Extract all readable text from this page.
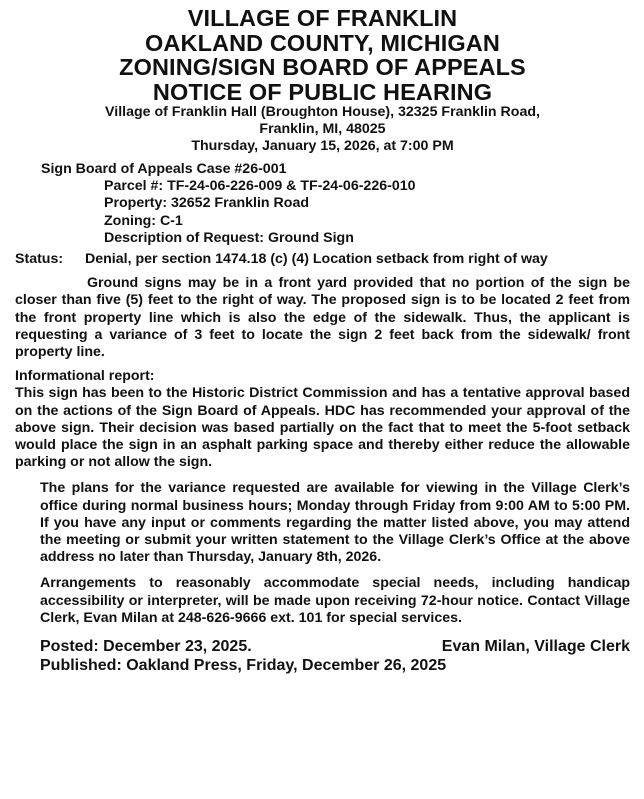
VILLAGE OF FRANKLIN

OAKLAND COUNTY, MICHIGAN

ZONING/SIGN BOARD OF APPEALS

NOTICE OF PUBLIC HEARING

Village of Franklin Hall (Broughton House), 32325 Franklin Road,

Franklin, MI, 48025

Thursday, January 15, 2026, at 7:00 PM

Sign Board of Appeals Case #26-001
Parcel #: TF-24-06-226-009 & TF-24-06-226-010
Property: 32652 Franklin Road
Zoning: C-1
Description of Request: Ground Sign
Status: Denial, per section 1474.18 (c) (4) Location setback from right of way

Ground signs may be in a front yard provided that no portion of the sign be closer than five (5) feet to the right of way. The proposed sign is to be located 2 feet from the front property line which is also the edge of the sidewalk. Thus, the applicant is requesting a variance of 3 feet to locate the sign 2 feet back from the sidewalk/ front property line.

Informational report:

This sign has been to the Historic District Commission and has a tentative approval based on the actions of the Sign Board of Appeals. HDC has recommended your approval of the above sign. Their decision was based partially on the fact that to meet the 5-foot setback would place the sign in an asphalt parking space and thereby either reduce the allowable parking or not allow the sign.

The plans for the variance requested are available for viewing in the Village Clerk’s office during normal business hours; Monday through Friday from 9:00 AM to 5:00 PM. If you have any input or comments regarding the matter listed above, you may attend the meeting or submit your written statement to the Village Clerk’s Office at the above address no later than Thursday, January 8th, 2026.

Arrangements to reasonably accommodate special needs, including handicap accessibility or interpreter, will be made upon receiving 72-hour notice. Contact Village Clerk, Evan Milan at 248-626-9666 ext. 101 for special services.

Posted: December 23, 2025.	Evan Milan, Village Clerk
Published: Oakland Press, Friday, December 26, 2025
